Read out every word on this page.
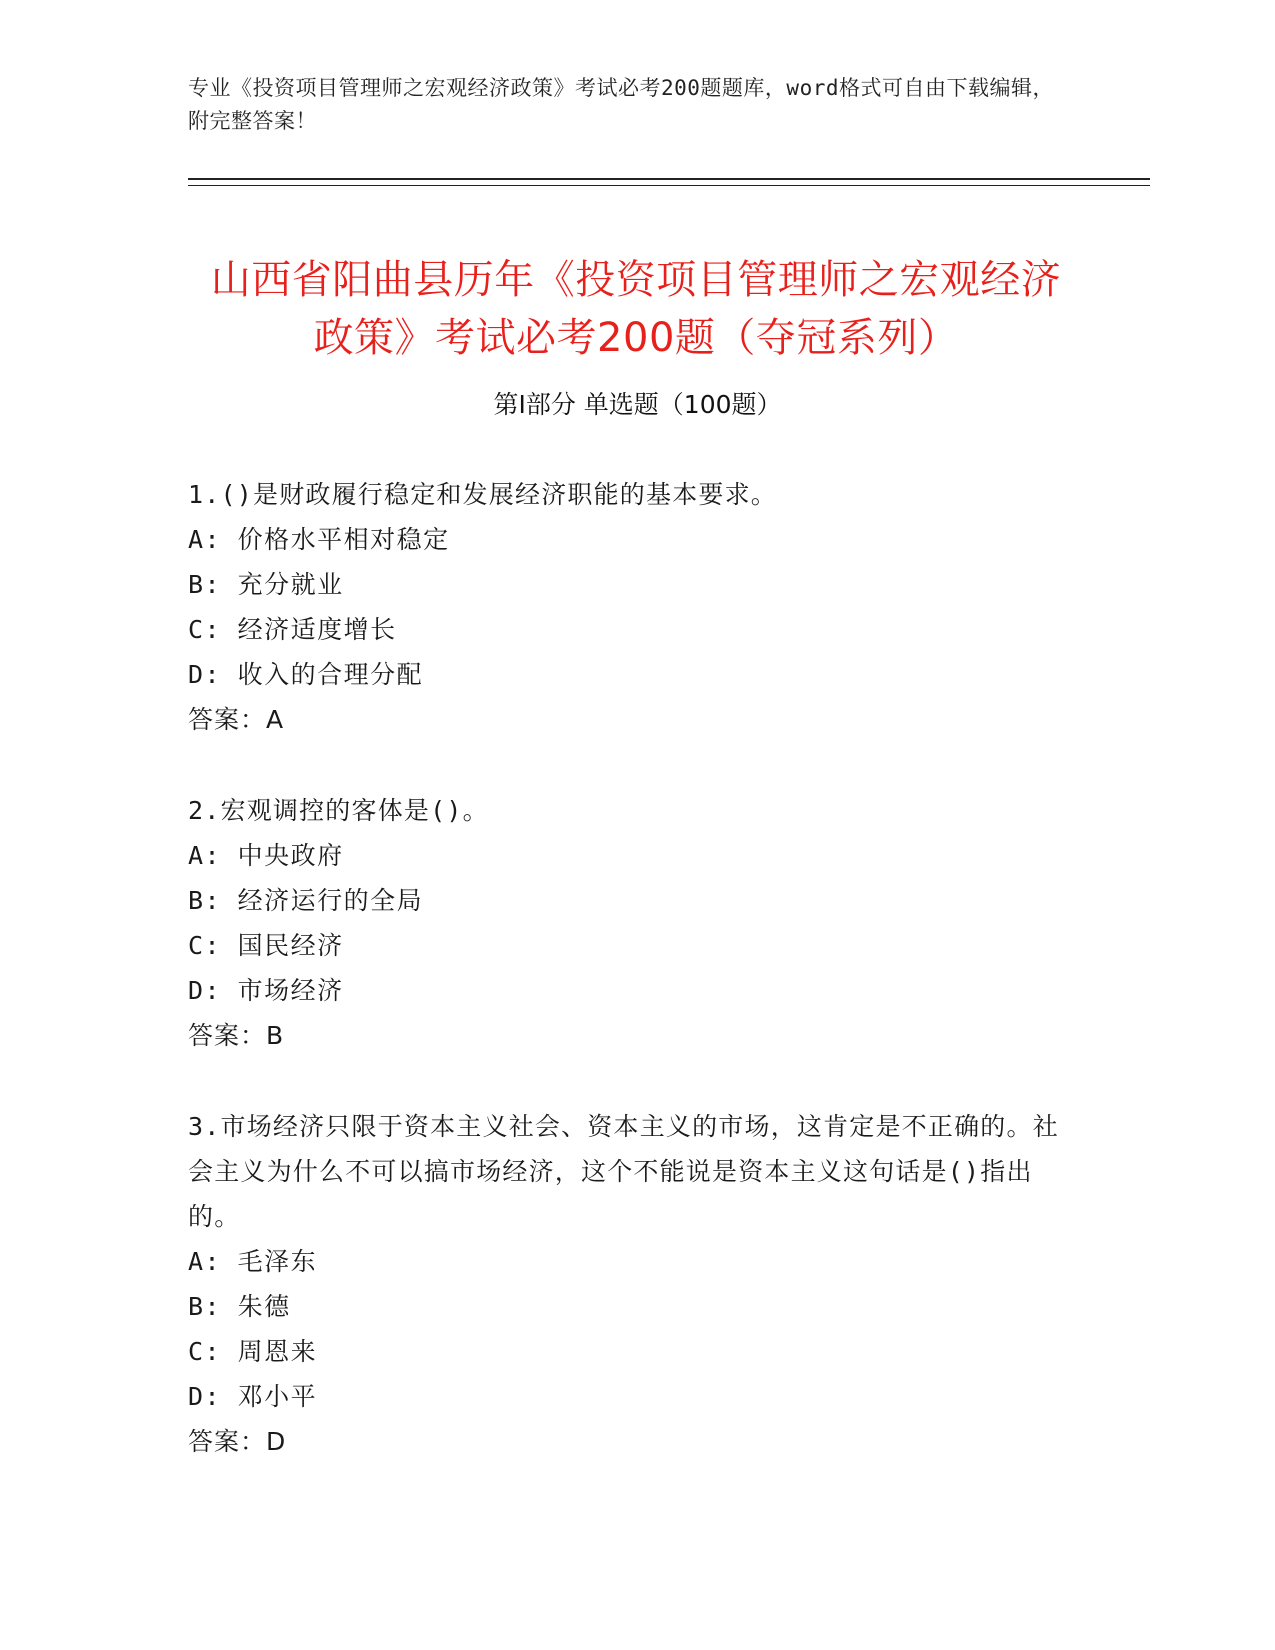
专业《投资项目管理师之宏观经济政策》考试必考200题题库，word格式可自由下载编辑，附完整答案！
山西省阳曲县历年《投资项目管理师之宏观经济政策》考试必考200题（夺冠系列）
第I部分 单选题（100题）
1.()是财政履行稳定和发展经济职能的基本要求。
A: 价格水平相对稳定
B: 充分就业
C: 经济适度增长
D: 收入的合理分配
答案：A
2.宏观调控的客体是()。
A: 中央政府
B: 经济运行的全局
C: 国民经济
D: 市场经济
答案：B
3.市场经济只限于资本主义社会、资本主义的市场，这肯定是不正确的。社会主义为什么不可以搞市场经济，这个不能说是资本主义这句话是()指出的。
A: 毛泽东
B: 朱德
C: 周恩来
D: 邓小平
答案：D
